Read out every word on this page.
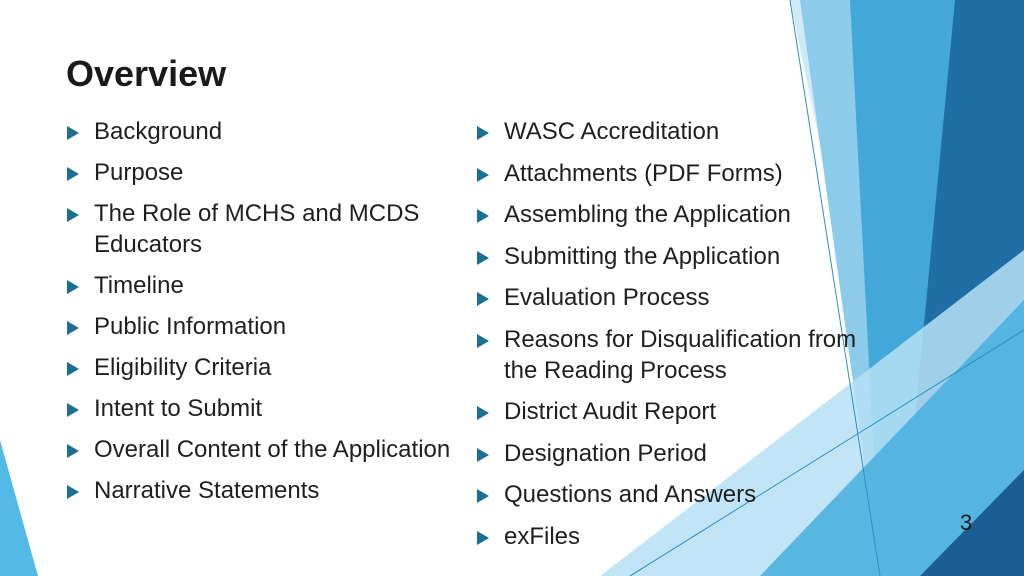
Overview
Background
Purpose
The Role of MCHS and MCDS Educators
Timeline
Public Information
Eligibility Criteria
Intent to Submit
Overall Content of the Application
Narrative Statements
WASC Accreditation
Attachments (PDF Forms)
Assembling the Application
Submitting the Application
Evaluation Process
Reasons for Disqualification from the Reading Process
District Audit Report
Designation Period
Questions and Answers
exFiles	3
